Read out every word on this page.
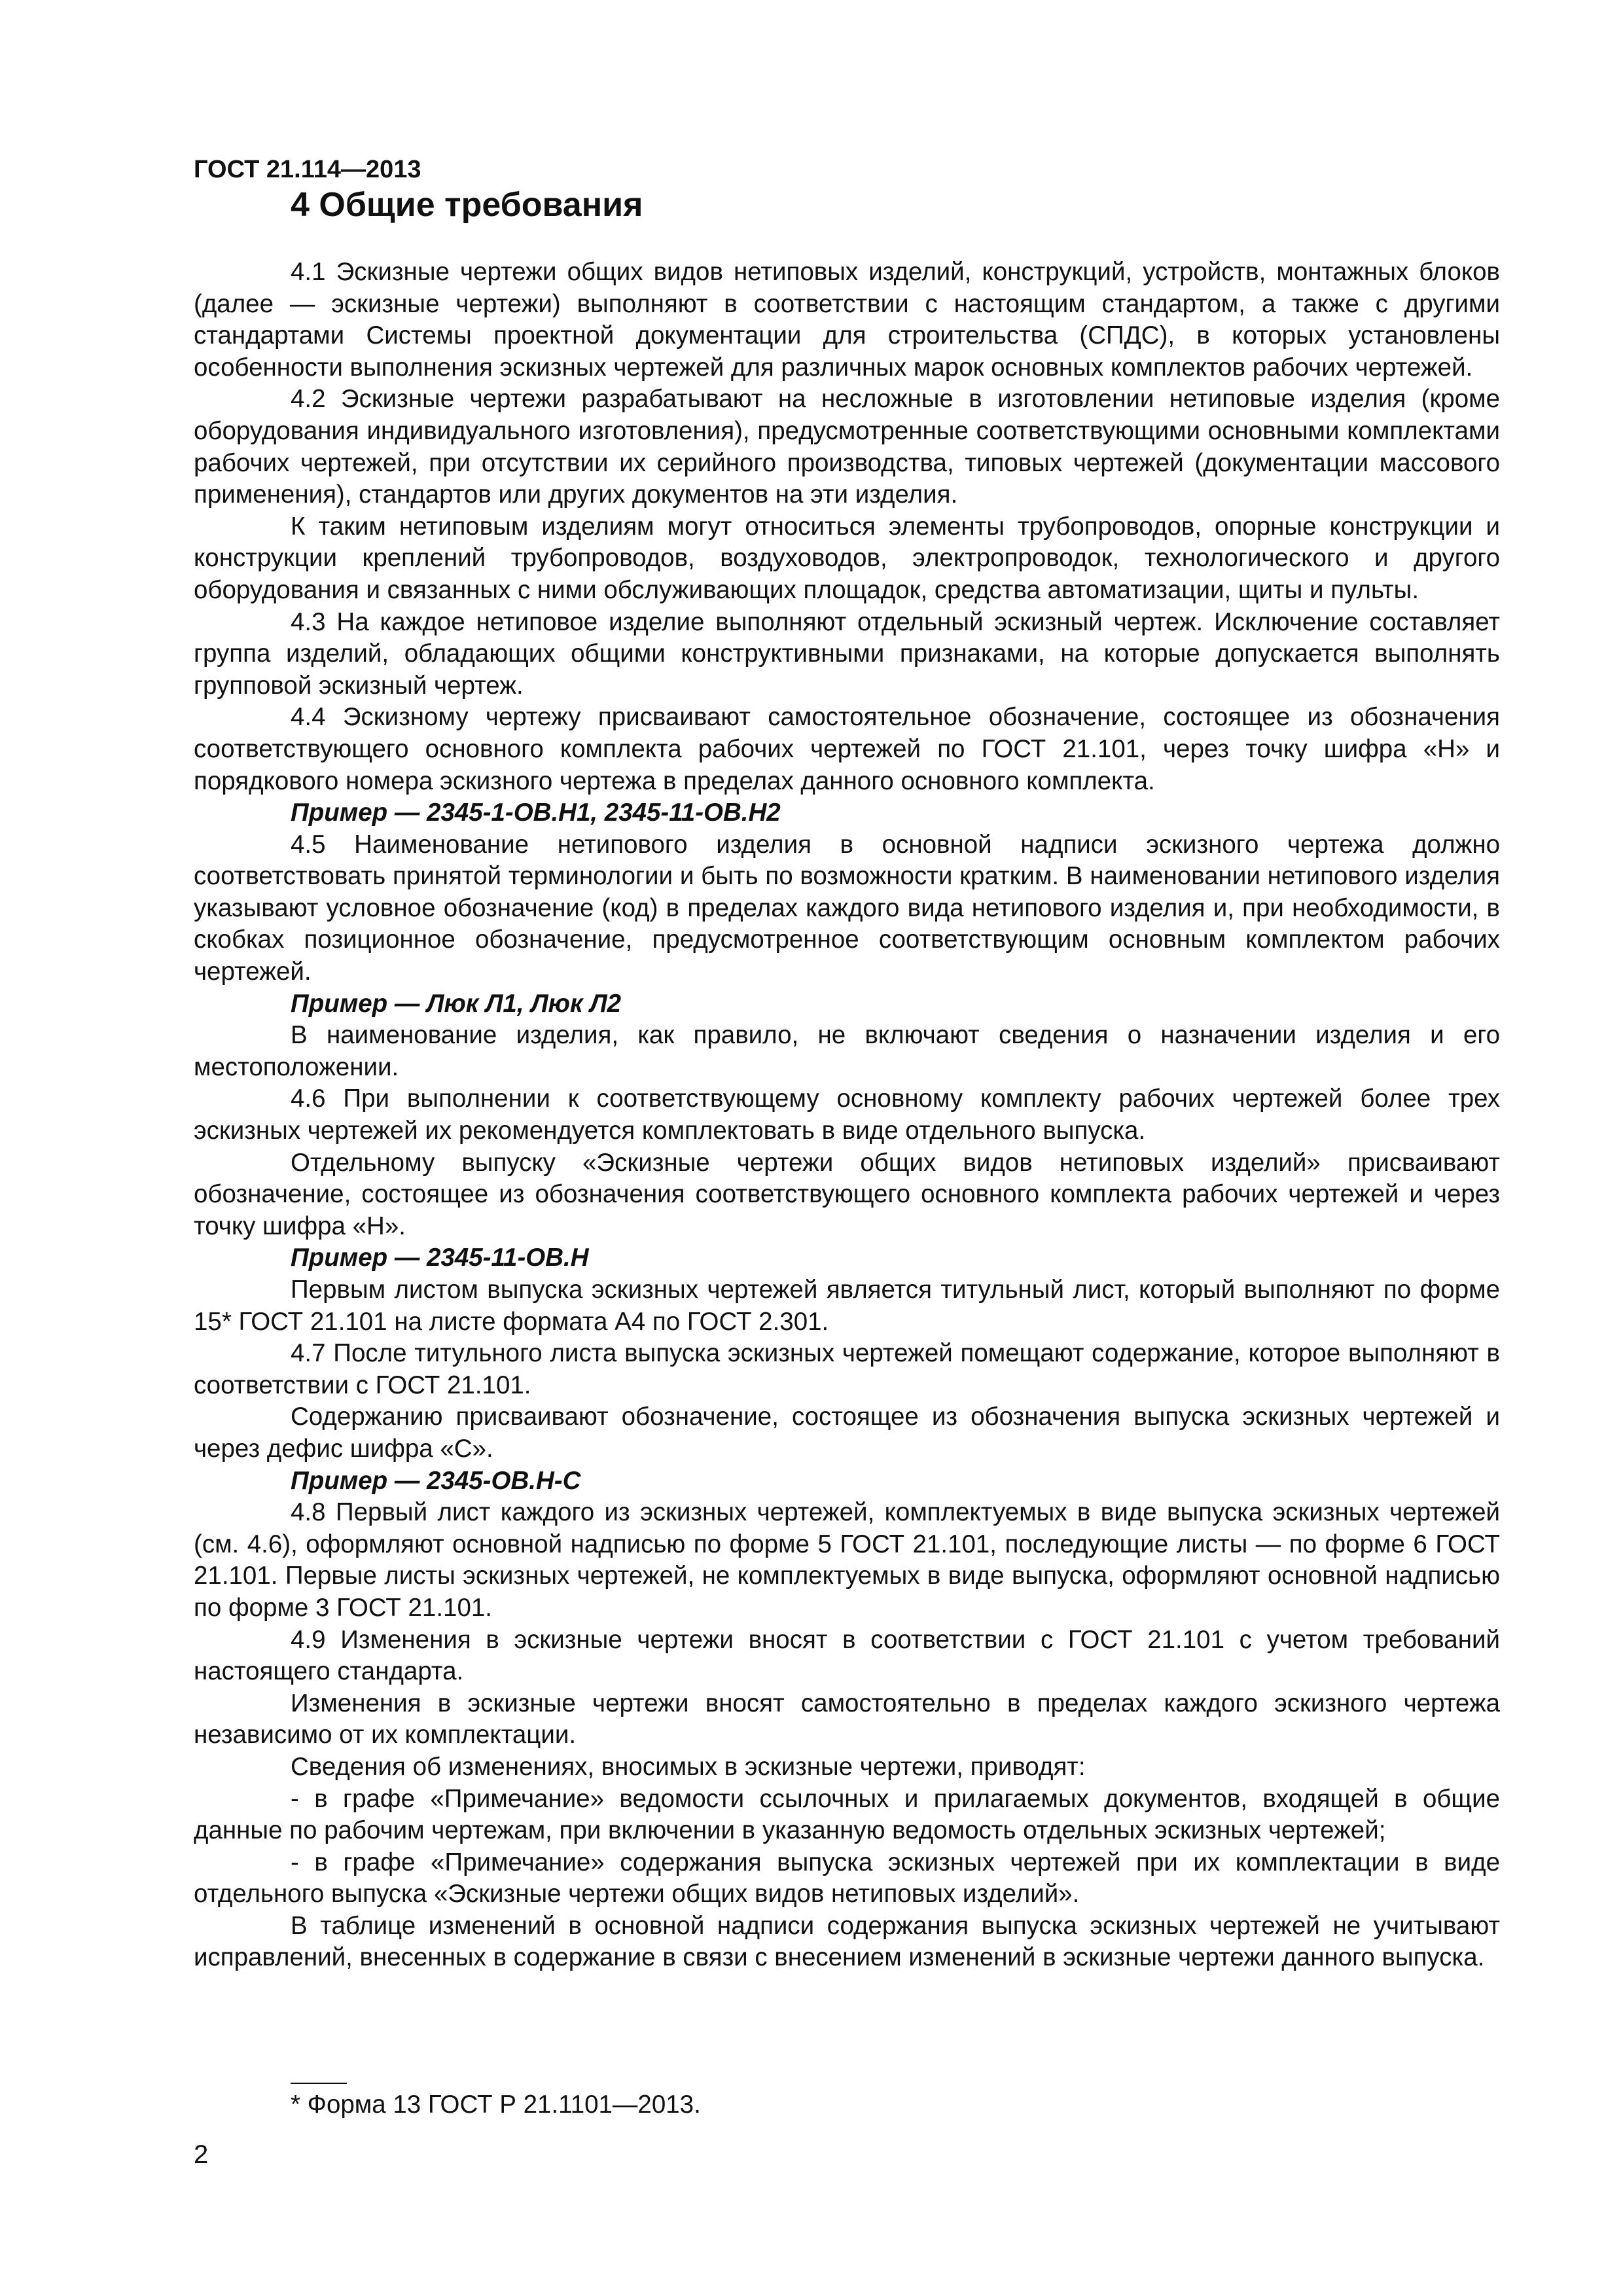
ГОСТ 21.114—2013
4 Общие требования

4.1 Эскизные чертежи общих видов нетиповых изделий, конструкций, устройств, монтажных блоков (далее — эскизные чертежи) выполняют в соответствии с настоящим стандартом, а также с другими стандартами Системы проектной документации для строительства (СПДС), в которых установлены особенности выполнения эскизных чертежей для различных марок основных комплектов рабочих чертежей.

4.2 Эскизные чертежи разрабатывают на несложные в изготовлении нетиповые изделия (кроме оборудования индивидуального изготовления), предусмотренные соответствующими основными комплектами рабочих чертежей, при отсутствии их серийного производства, типовых чертежей (документации массового применения), стандартов или других документов на эти изделия.

К таким нетиповым изделиям могут относиться элементы трубопроводов, опорные конструкции и конструкции креплений трубопроводов, воздуховодов, электропроводок, технологического и другого оборудования и связанных с ними обслуживающих площадок, средства автоматизации, щиты и пульты.

4.3 На каждое нетиповое изделие выполняют отдельный эскизный чертеж. Исключение составляет группа изделий, обладающих общими конструктивными признаками, на которые допускается выполнять групповой эскизный чертеж.

4.4 Эскизному чертежу присваивают самостоятельное обозначение, состоящее из обозначения соответствующего основного комплекта рабочих чертежей по ГОСТ 21.101, через точку шифра «Н» и порядкового номера эскизного чертежа в пределах данного основного комплекта.

Пример — 2345-1-ОВ.Н1, 2345-11-ОВ.Н2

4.5 Наименование нетипового изделия в основной надписи эскизного чертежа должно соответствовать принятой терминологии и быть по возможности кратким. В наименовании нетипового изделия указывают условное обозначение (код) в пределах каждого вида нетипового изделия и, при необходимости, в скобках позиционное обозначение, предусмотренное соответствующим основным комплектом рабочих чертежей.

Пример — Люк Л1, Люк Л2

В наименование изделия, как правило, не включают сведения о назначении изделия и его местоположении.

4.6 При выполнении к соответствующему основному комплекту рабочих чертежей более трех эскизных чертежей их рекомендуется комплектовать в виде отдельного выпуска.

Отдельному выпуску «Эскизные чертежи общих видов нетиповых изделий» присваивают обозначение, состоящее из обозначения соответствующего основного комплекта рабочих чертежей и через точку шифра «Н».

Пример — 2345-11-ОВ.Н

Первым листом выпуска эскизных чертежей является титульный лист, который выполняют по форме 15* ГОСТ 21.101 на листе формата А4 по ГОСТ 2.301.

4.7 После титульного листа выпуска эскизных чертежей помещают содержание, которое выполняют в соответствии с ГОСТ 21.101.

Содержанию присваивают обозначение, состоящее из обозначения выпуска эскизных чертежей и через дефис шифра «С».

Пример — 2345-ОВ.Н-С

4.8 Первый лист каждого из эскизных чертежей, комплектуемых в виде выпуска эскизных чертежей (см. 4.6), оформляют основной надписью по форме 5 ГОСТ 21.101, последующие листы — по форме 6 ГОСТ 21.101. Первые листы эскизных чертежей, не комплектуемых в виде выпуска, оформляют основной надписью по форме 3 ГОСТ 21.101.

4.9 Изменения в эскизные чертежи вносят в соответствии с ГОСТ 21.101 с учетом требований настоящего стандарта.

Изменения в эскизные чертежи вносят самостоятельно в пределах каждого эскизного чертежа независимо от их комплектации.

Сведения об изменениях, вносимых в эскизные чертежи, приводят:

- в графе «Примечание» ведомости ссылочных и прилагаемых документов, входящей в общие данные по рабочим чертежам, при включении в указанную ведомость отдельных эскизных чертежей;

- в графе «Примечание» содержания выпуска эскизных чертежей при их комплектации в виде отдельного выпуска «Эскизные чертежи общих видов нетиповых изделий».

В таблице изменений в основной надписи содержания выпуска эскизных чертежей не учитывают исправлений, внесенных в содержание в связи с внесением изменений в эскизные чертежи данного выпуска.

* Форма 13 ГОСТ Р 21.1101—2013.
2
